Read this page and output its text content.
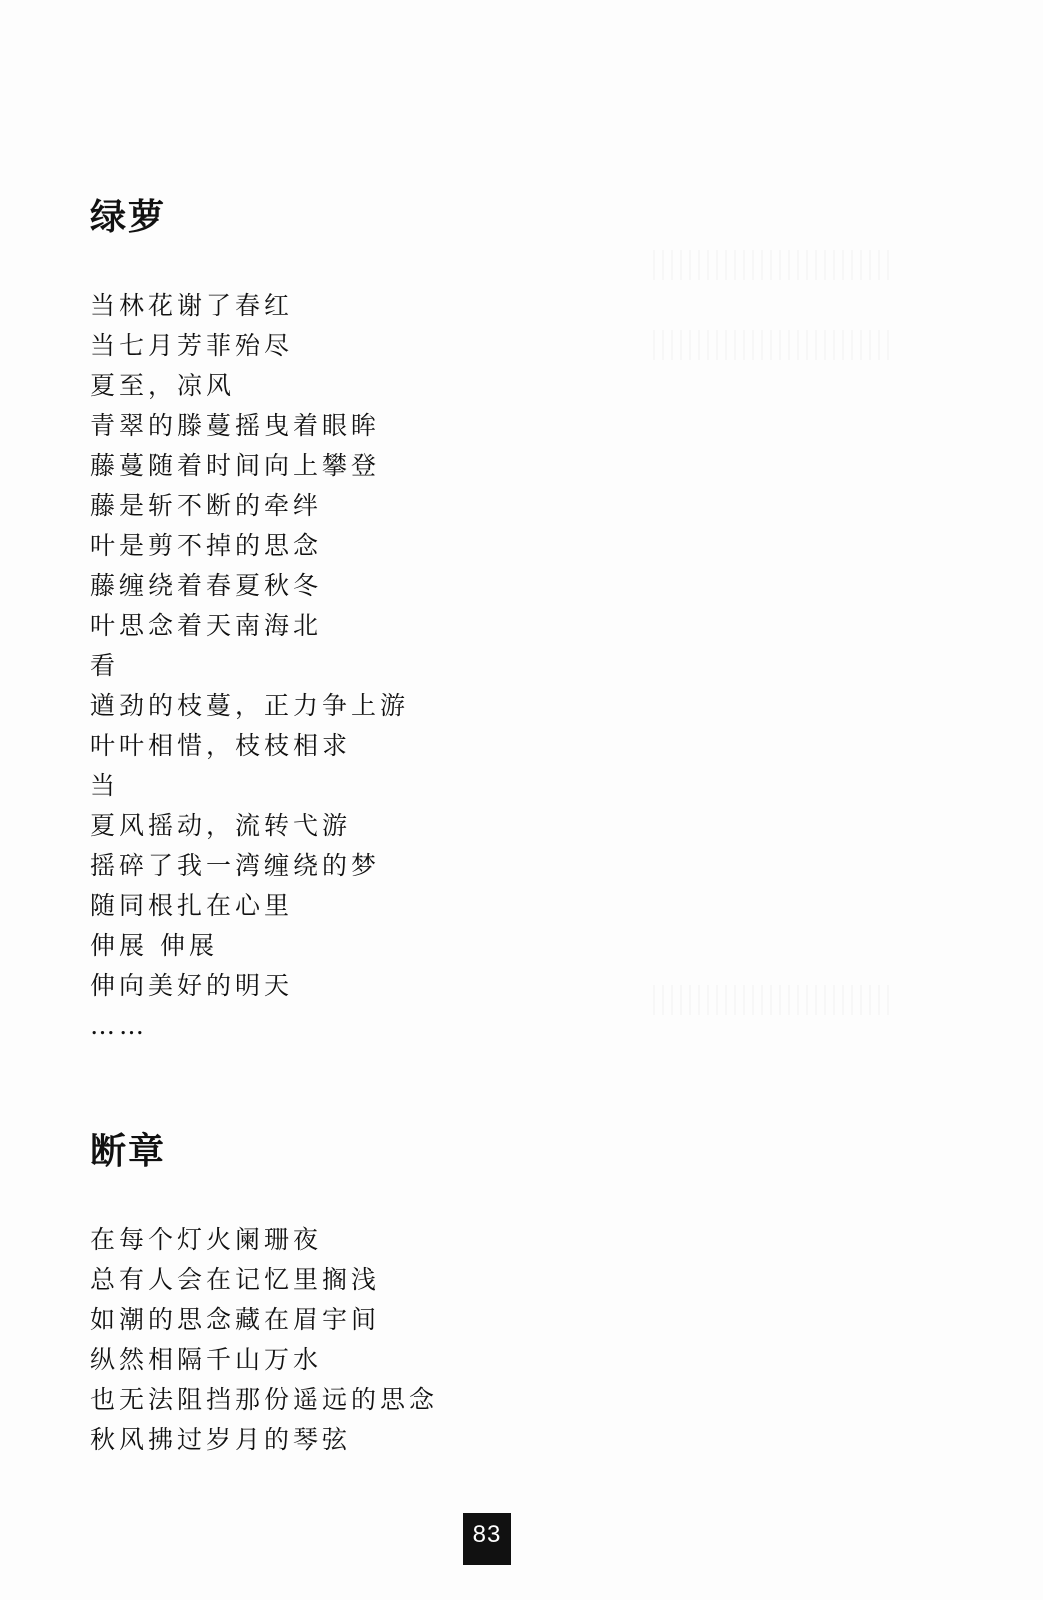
绿萝
当林花谢了春红
当七月芳菲殆尽
夏至，凉风
青翠的滕蔓摇曳着眼眸
藤蔓随着时间向上攀登
藤是斩不断的牵绊
叶是剪不掉的思念
藤缠绕着春夏秋冬
叶思念着天南海北
看
遒劲的枝蔓，正力争上游
叶叶相惜，枝枝相求
当
夏风摇动，流转弋游
摇碎了我一湾缠绕的梦
随同根扎在心里
伸展 伸展
伸向美好的明天
……
断章
在每个灯火阑珊夜
总有人会在记忆里搁浅
如潮的思念藏在眉宇间
纵然相隔千山万水
也无法阻挡那份遥远的思念
秋风拂过岁月的琴弦
83
